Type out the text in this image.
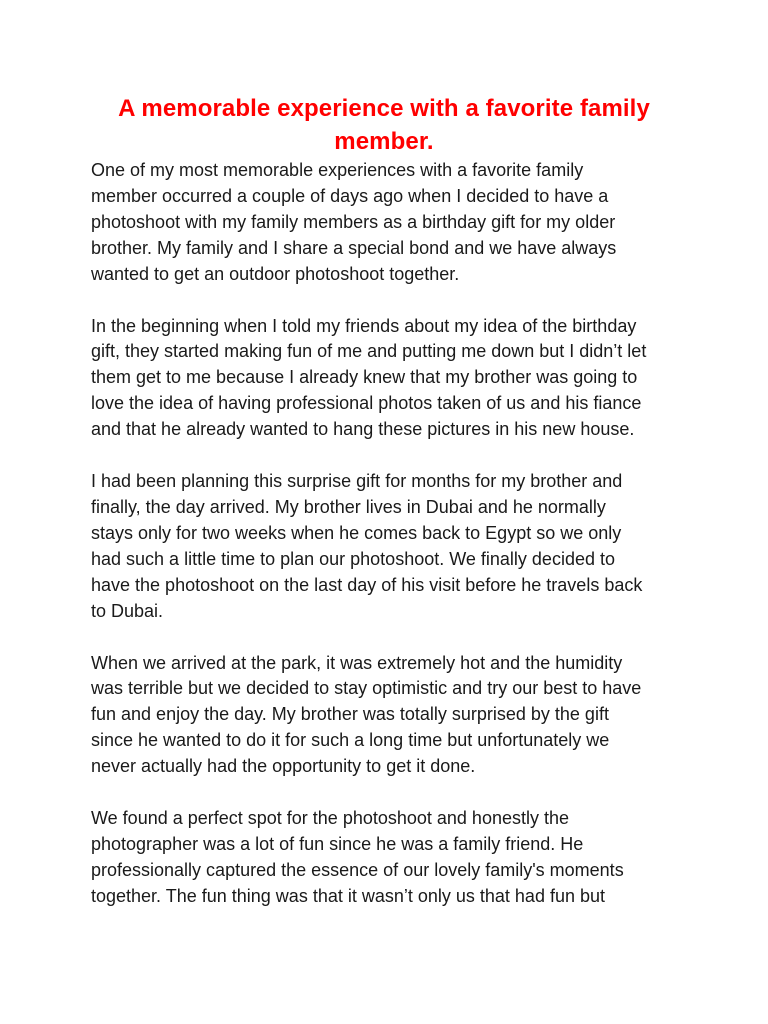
A memorable experience with a favorite family
member.

One of my most memorable experiences with a favorite family
member occurred a couple of days ago when I decided to have a
photoshoot with my family members as a birthday gift for my older
brother. My family and I share a special bond and we have always
wanted to get an outdoor photoshoot together.

In the beginning when I told my friends about my idea of the birthday
gift, they started making fun of me and putting me down but I didn’t let
them get to me because I already knew that my brother was going to
love the idea of having professional photos taken of us and his fiance
and that he already wanted to hang these pictures in his new house.

I had been planning this surprise gift for months for my brother and
finally, the day arrived. My brother lives in Dubai and he normally
stays only for two weeks when he comes back to Egypt so we only
had such a little time to plan our photoshoot. We finally decided to
have the photoshoot on the last day of his visit before he travels back
to Dubai.

When we arrived at the park, it was extremely hot and the humidity
was terrible but we decided to stay optimistic and try our best to have
fun and enjoy the day. My brother was totally surprised by the gift
since he wanted to do it for such a long time but unfortunately we
never actually had the opportunity to get it done.

We found a perfect spot for the photoshoot and honestly the
photographer was a lot of fun since he was a family friend. He
professionally captured the essence of our lovely family's moments
together. The fun thing was that it wasn’t only us that had fun but
